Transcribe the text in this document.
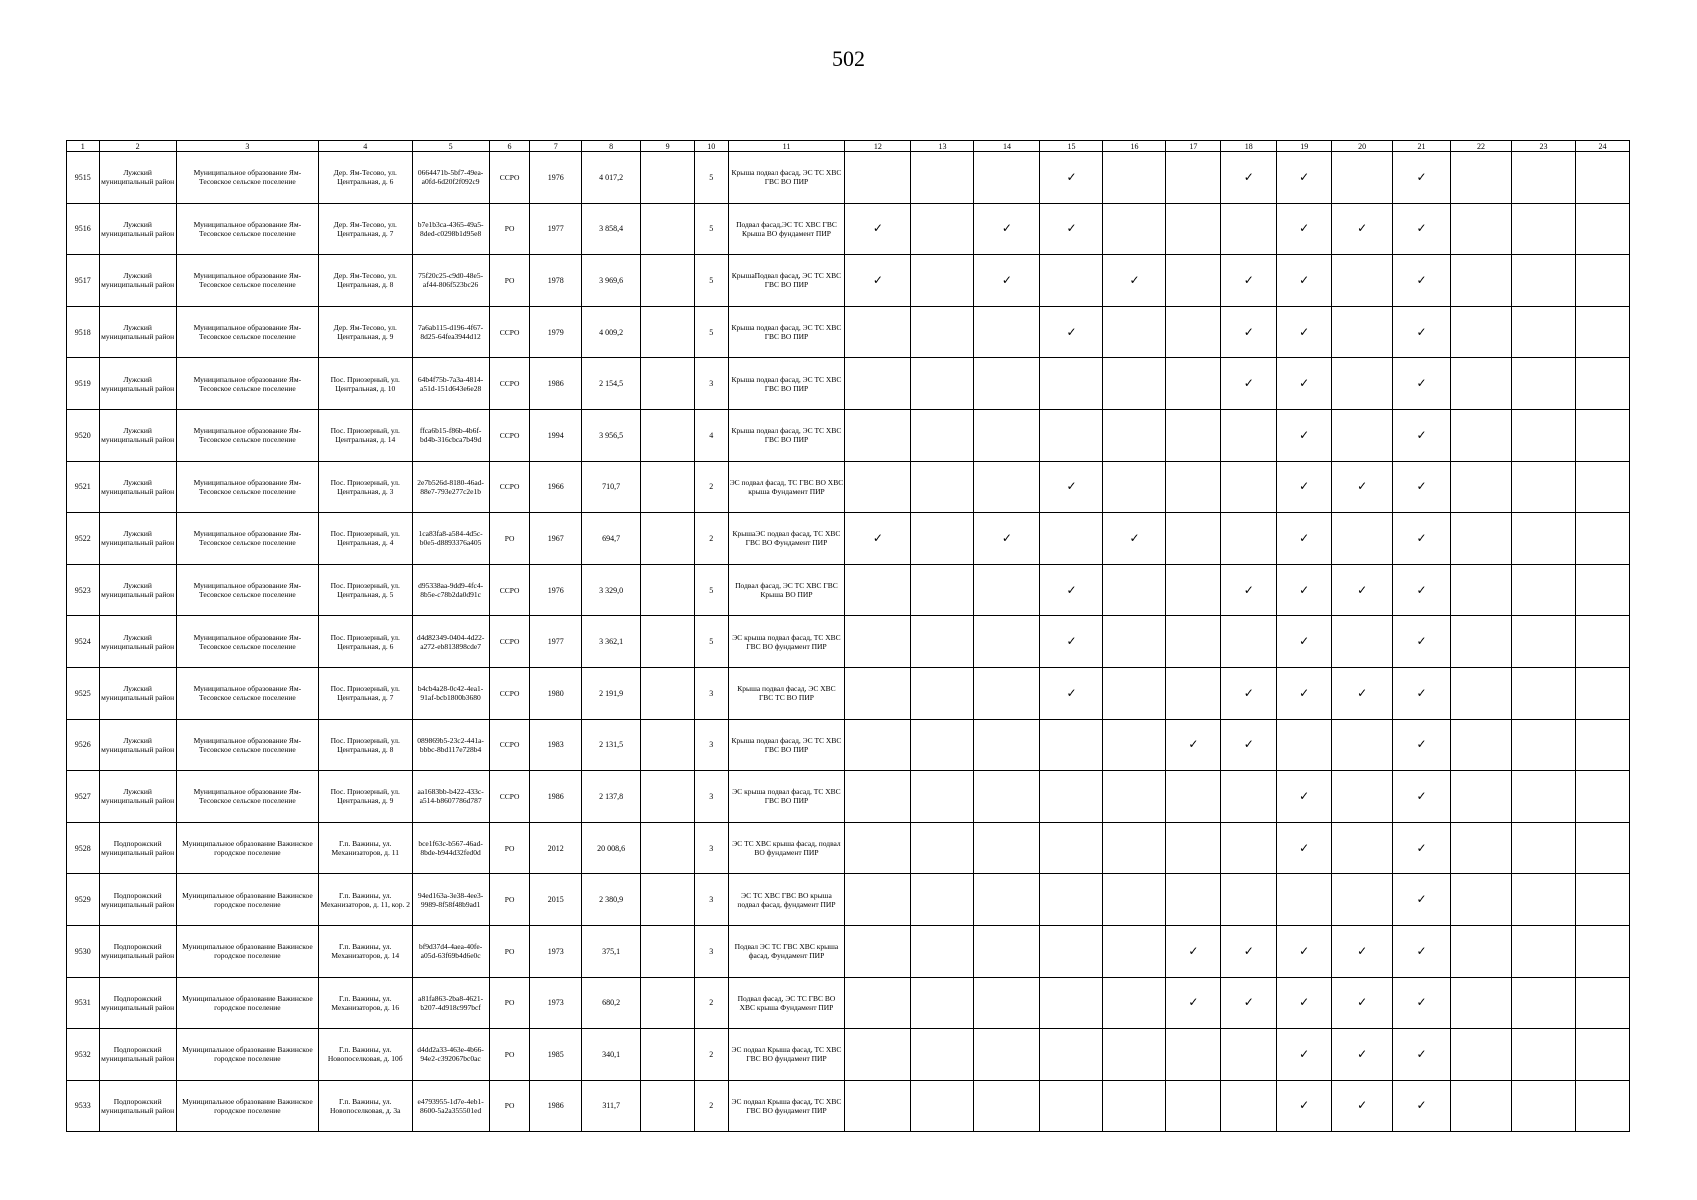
502
1	2	3	4	5	6	7	8	9	10	11	12	13	14	15	16	17	18	19	20	21	22	23	24
9515	Лужский муниципальный район	Муниципальное образование Ям-Тесовское сельское поселение	Дер. Ям-Тесово, ул. Центральная, д. 6	0664471b-5bf7-49ea-a0fd-6d20f2f092c9	ССРО	1976	4 017,2		5	Крыша подвал фасад, ЭС ТС ХВС ГВС ВО ПИР				✓			✓	✓		✓			
9516	Лужский муниципальный район	Муниципальное образование Ям-Тесовское сельское поселение	Дер. Ям-Тесово, ул. Центральная, д. 7	b7e1b3ca-4365-49a5-8ded-c0298b1d95e8	РО	1977	3 858,4		5	Подвал фасад,ЭС ТС ХВС ГВС Крыша ВО фундамент ПИР	✓		✓	✓				✓	✓	✓			
9517	Лужский муниципальный район	Муниципальное образование Ям-Тесовское сельское поселение	Дер. Ям-Тесово, ул. Центральная, д. 8	75f20c25-c9d0-48e5-af44-806f523bc26	РО	1978	3 969,6		5	КрышаПодвал фасад, ЭС ТС ХВС ГВС ВО ПИР	✓		✓		✓		✓	✓		✓			
9518	Лужский муниципальный район	Муниципальное образование Ям-Тесовское сельское поселение	Дер. Ям-Тесово, ул. Центральная, д. 9	7a6ab115-d196-4f67-8d25-64fea3944d12	ССРО	1979	4 009,2		5	Крыша подвал фасад, ЭС ТС ХВС ГВС ВО ПИР				✓			✓	✓		✓			
9519	Лужский муниципальный район	Муниципальное образование Ям-Тесовское сельское поселение	Пос. Приозерный, ул. Центральная, д. 10	64b4f75b-7a3a-4814-a51d-151d643e6e28	ССРО	1986	2 154,5		3	Крыша подвал фасад, ЭС ТС ХВС ГВС ВО ПИР							✓	✓		✓			
9520	Лужский муниципальный район	Муниципальное образование Ям-Тесовское сельское поселение	Пос. Приозерный, ул. Центральная, д. 14	ffca6b15-f86b-4b6f-bd4b-316cbca7b49d	ССРО	1994	3 956,5		4	Крыша подвал фасад, ЭС ТС ХВС ГВС ВО ПИР								✓		✓			
9521	Лужский муниципальный район	Муниципальное образование Ям-Тесовское сельское поселение	Пос. Приозерный, ул. Центральная, д. 3	2e7b526d-8180-46ad-88e7-793e277c2e1b	ССРО	1966	710,7		2	ЭС подвал фасад, ТС ГВС ВО ХВС крыша Фундамент ПИР				✓				✓	✓	✓			
9522	Лужский муниципальный район	Муниципальное образование Ям-Тесовское сельское поселение	Пос. Приозерный, ул. Центральная, д. 4	1ca83fa8-a584-4d5c-b0e5-d8893376a405	РО	1967	694,7		2	КрышаЭС подвал фасад, ТС ХВС ГВС ВО Фундамент ПИР	✓		✓		✓			✓		✓			
9523	Лужский муниципальный район	Муниципальное образование Ям-Тесовское сельское поселение	Пос. Приозерный, ул. Центральная, д. 5	d95338aa-9dd9-4fc4-8b5e-c78b2da0d91c	ССРО	1976	3 329,0		5	Подвал фасад, ЭС ТС ХВС ГВС Крыша ВО ПИР				✓			✓	✓	✓	✓			
9524	Лужский муниципальный район	Муниципальное образование Ям-Тесовское сельское поселение	Пос. Приозерный, ул. Центральная, д. 6	d4d82349-0404-4d22-a272-eb813898cde7	ССРО	1977	3 362,1		5	ЭС крыша подвал фасад, ТС ХВС ГВС ВО фундамент ПИР				✓				✓		✓			
9525	Лужский муниципальный район	Муниципальное образование Ям-Тесовское сельское поселение	Пос. Приозерный, ул. Центральная, д. 7	b4cb4a28-0c42-4ea1-91af-bcb1800b3680	ССРО	1980	2 191,9		3	Крыша подвал фасад, ЭС ХВС ГВС ТС ВО ПИР				✓			✓	✓	✓	✓			
9526	Лужский муниципальный район	Муниципальное образование Ям-Тесовское сельское поселение	Пос. Приозерный, ул. Центральная, д. 8	089869b5-23c2-441a-bbbc-8bd117e728b4	ССРО	1983	2 131,5		3	Крыша подвал фасад, ЭС ТС ХВС ГВС ВО ПИР						✓	✓			✓			
9527	Лужский муниципальный район	Муниципальное образование Ям-Тесовское сельское поселение	Пос. Приозерный, ул. Центральная, д. 9	aa1683bb-b422-433c-a514-b8607786d787	ССРО	1986	2 137,8		3	ЭС крыша подвал фасад, ТС ХВС ГВС ВО ПИР								✓		✓			
9528	Подпорожский муниципальный район	Муниципальное образование Важинское городское поселение	Г.п. Важины, ул. Механизаторов, д. 11	bce1f63c-b567-46ad-8bde-b944d32fed0d	РО	2012	20 008,6		3	ЭС ТС ХВС крыша фасад, подвал ВО фундамент ПИР								✓		✓			
9529	Подпорожский муниципальный район	Муниципальное образование Важинское городское поселение	Г.п. Важины, ул. Механизаторов, д. 11, кор. 2	94ed163a-3e38-4ee3-9989-8f58f48b9ad1	РО	2015	2 380,9		3	ЭС ТС ХВС ГВС ВО крыша подвал фасад, фундамент ПИР										✓			
9530	Подпорожский муниципальный район	Муниципальное образование Важинское городское поселение	Г.п. Важины, ул. Механизаторов, д. 14	bf9d37d4-4aea-40fe-a05d-63f69b4d6e0c	РО	1973	375,1		3	Подвал ЭС ТС ГВС ХВС крыша фасад, Фундамент ПИР						✓	✓	✓	✓	✓			
9531	Подпорожский муниципальный район	Муниципальное образование Важинское городское поселение	Г.п. Важины, ул. Механизаторов, д. 16	a81fa863-2ba8-4621-b207-4d918c997bcf	РО	1973	680,2		2	Подвал фасад, ЭС ТС ГВС ВО ХВС крыша Фундамент ПИР						✓	✓	✓	✓	✓			
9532	Подпорожский муниципальный район	Муниципальное образование Важинское городское поселение	Г.п. Важины, ул. Новопоселковая, д. 10б	d4dd2a33-463e-4b66-94e2-c392067bc0ac	РО	1985	340,1		2	ЭС подвал Крыша фасад, ТС ХВС ГВС ВО фундамент ПИР								✓	✓	✓			
9533	Подпорожский муниципальный район	Муниципальное образование Важинское городское поселение	Г.п. Важины, ул. Новопоселковая, д. 3а	e4793955-1d7e-4eb1-8600-5a2a355501ed	РО	1986	311,7		2	ЭС подвал Крыша фасад, ТС ХВС ГВС ВО фундамент ПИР								✓	✓	✓			
